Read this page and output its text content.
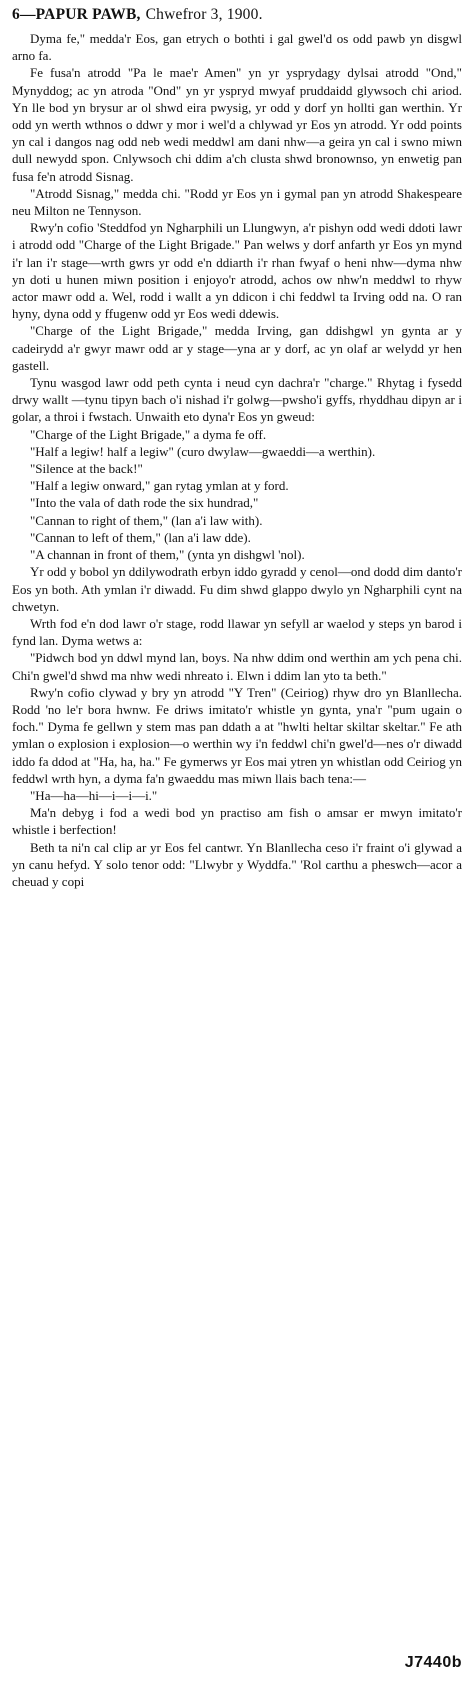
6 — PAPUR PAWB, Chwefror 3, 1900.

Dyma fe," medda'r Eos, gan etrych o bothti i gal gwel'd os odd pawb yn disgwl arno fa.

Fe fusa'n atrodd "Pa le mae'r Amen" yn yr ysprydagy dylsai atrodd "Ond," Mynyddog; ac yn atroda "Ond" yn yr yspryd mwyaf pruddaidd glywsoch chi ariod. Yn lle bod yn brysur ar ol shwd eira pwysig, yr odd y dorf yn hollti gan werthin. Yr odd yn werth wthnos o ddwr y mor i wel'd a chlywad yr Eos yn atrodd. Yr odd points yn cal i dangos nag odd neb wedi meddwl am dani nhw—a geira yn cal i swno miwn dull newydd spon. Cnlywsoch chi ddim a'ch clusta shwd bronownso, yn enwetig pan fusa fe'n atrodd Sisnag.

"Atrodd Sisnag," medda chi. "Rodd yr Eos yn i gymal pan yn atrodd Shakespeare neu Milton ne Tennyson.

Rwy'n cofio 'Steddfod yn Ngharphili un Llungwyn, a'r pishyn odd wedi ddoti lawr i atrodd odd "Charge of the Light Brigade." Pan welws y dorf anfarth yr Eos yn mynd i'r lan i'r stage—wrth gwrs yr odd e'n ddiarth i'r rhan fwyaf o heni nhw—dyma nhw yn doti u hunen miwn position i enjoyo'r atrodd, achos ow nhw'n meddwl to rhyw actor mawr odd a. Wel, rodd i wallt a yn ddicon i chi feddwl ta Irving odd na. O ran hyny, dyna odd y ffugenw odd yr Eos wedi ddewis.

"Charge of the Light Brigade," medda Irving, gan ddishgwl yn gynta ar y cadeirydd a'r gwyr mawr odd ar y stage—yna ar y dorf, ac yn olaf ar welydd yr hen gastell.

Tynu wasgod lawr odd peth cynta i neud cyn dachra'r "charge." Rhytag i fysedd drwy wallt —tynu tipyn bach o'i nishad i'r golwg—pwsho'i gyffs, rhyddhau dipyn ar i golar, a throi i fwstach. Unwaith eto dyna'r Eos yn gweud:

"Charge of the Light Brigade," a dyma fe off.

"Half a legiw! half a legiw" (curo dwylaw—gwaeddi—a werthin).

"Silence at the back!"

"Half a legiw onward," gan rytag ymlan at y ford.

"Into the vala of dath rode the six hundrad,"

"Cannan to right of them," (lan a'i law with).

"Cannan to left of them," (lan a'i law dde).

"A channan in front of them," (ynta yn dishgwl 'nol).

Yr odd y bobol yn ddilywodrath erbyn iddo gyradd y cenol—ond dodd dim danto'r Eos yn both. Ath ymlan i'r diwadd. Fu dim shwd glappo dwylo yn Ngharphili cynt na chwetyn.

Wrth fod e'n dod lawr o'r stage, rodd llawar yn sefyll ar waelod y steps yn barod i fynd lan. Dyma wetws a:

"Pidwch bod yn ddwl mynd lan, boys. Na nhw ddim ond werthin am ych pena chi. Chi'n gwel'd shwd ma nhw wedi nhreato i. Elwn i ddim lan yto ta beth."

Rwy'n cofio clywad y bry yn atrodd "Y Tren" (Ceiriog) rhyw dro yn Blanllecha. Rodd 'no le'r bora hwnw. Fe driws imitato'r whistle yn gynta, yna'r "pum ugain o foch." Dyma fe gellwn y stem mas pan ddath a at "hwlti heltar skiltar skeltar." Fe ath ymlan o explosion i explosion—o werthin wy i'n feddwl chi'n gwel'd—nes o'r diwadd iddo fa ddod at "Ha, ha, ha." Fe gymerws yr Eos mai ytren yn whistlan odd Ceiriog yn feddwl wrth hyn, a dyma fa'n gwaeddu mas miwn llais bach tena:—

"Ha—ha—hi—i—i—i."

Ma'n debyg i fod a wedi bod yn practiso am fish o amsar er mwyn imitato'r whistle i berfection!

Beth ta ni'n cal clip ar yr Eos fel cantwr. Yn Blanllecha ceso i'r fraint o'i glywad a yn canu hefyd. Y solo tenor odd: "Llwybr y Wyddfa." 'Rol carthu a pheswch—acor a cheuad y copi

J7440b
